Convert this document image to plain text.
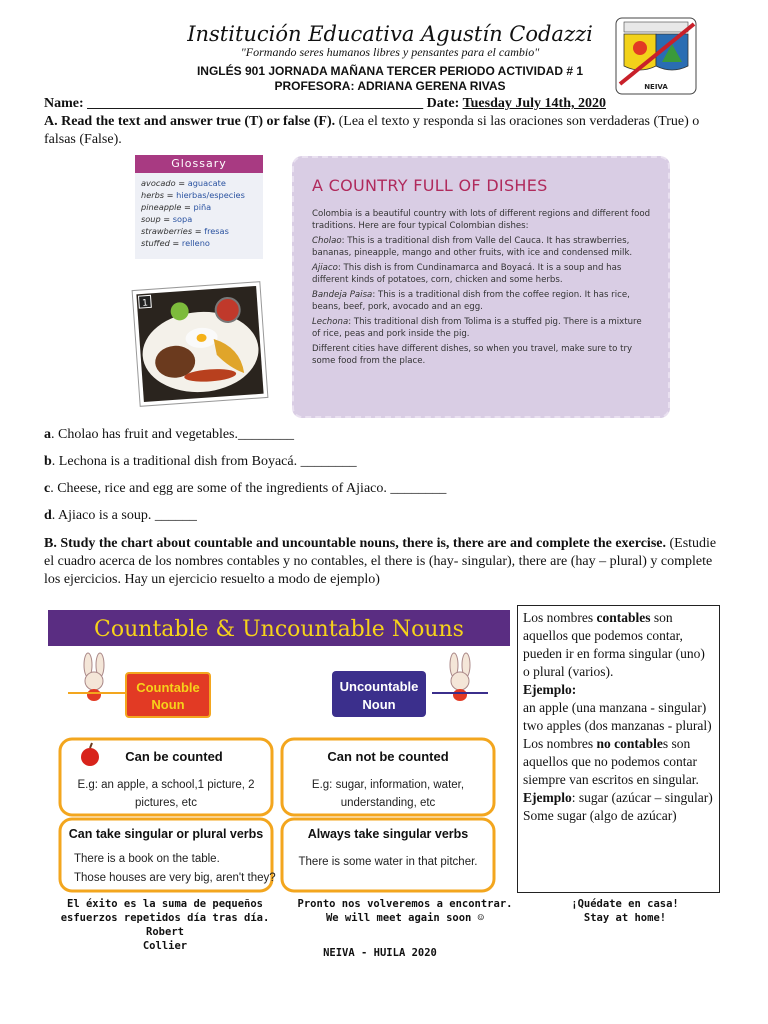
Institución Educativa Agustín Codazzi
"Formando seres humanos libres y pensantes para el cambio"
INGLÉS 901 JORNADA MAÑANA TERCER PERIODO ACTIVIDAD # 1
PROFESORA: ADRIANA GERENA RIVAS	NEIVA
Name: ________________________________________________ Date: Tuesday July 14th, 2020
A. Read the text and answer true (T) or false (F). (Lea el texto y responda si las oraciones son verdaderas (True) o falsas (False).
Glossary
avocado = aguacate
herbs = hierbas/especies
pineapple = piña
soup = sopa
strawberries = fresas
stuffed = relleno
1
A COUNTRY FULL OF DISHES

Colombia is a beautiful country with lots of different regions and different food traditions. Here are four typical Colombian dishes:

Cholao: This is a traditional dish from Valle del Cauca. It has strawberries, bananas, pineapple, mango and other fruits, with ice and condensed milk.

Ajiaco: This dish is from Cundinamarca and Boyacá. It is a soup and has different kinds of potatoes, corn, chicken and some herbs.

Bandeja Paisa: This is a traditional dish from the coffee region. It has rice, beans, beef, pork, avocado and an egg.

Lechona: This traditional dish from Tolima is a stuffed pig. There is a mixture of rice, peas and pork inside the pig.

Different cities have different dishes, so when you travel, make sure to try some food from the place.

a. Cholao has fruit and vegetables.________
b. Lechona is a traditional dish from Boyacá. ________
c. Cheese, rice and egg are some of the ingredients of Ajiaco. ________
d. Ajiaco is a soup. ______
B. Study the chart about countable and uncountable nouns, there is, there are and complete the exercise. (Estudie el cuadro acerca de los nombres contables y no contables, el there is (hay- singular), there are (hay – plural) y complete los ejercicios. Hay un ejercicio resuelto a modo de ejemplo)
Countable & Uncountable Nouns
Countable
Noun
Uncountable
Noun
Can be counted
E.g: an apple, a school,1 picture, 2
pictures, etc
Can not be counted
E.g: sugar, information, water,
understanding, etc
Can take singular or plural verbs
There is a book on the table.
Those houses are very big, aren't they?
Always take singular verbs
There is some water in that pitcher.
Los nombres contables son aquellos que podemos contar, pueden ir en forma singular (uno) o plural (varios).
Ejemplo:
an apple (una manzana - singular)
two apples (dos manzanas - plural)
Los nombres no contables son aquellos que no podemos contar siempre van escritos en singular.
Ejemplo: sugar (azúcar – singular)
Some sugar (algo de azúcar)
El éxito es la suma de pequeños
esfuerzos repetidos día tras día. Robert
Collier
Pronto nos volveremos a encontrar.
We will meet again soon ☺
¡Quédate en casa!
Stay at home!
NEIVA - HUILA 2020
